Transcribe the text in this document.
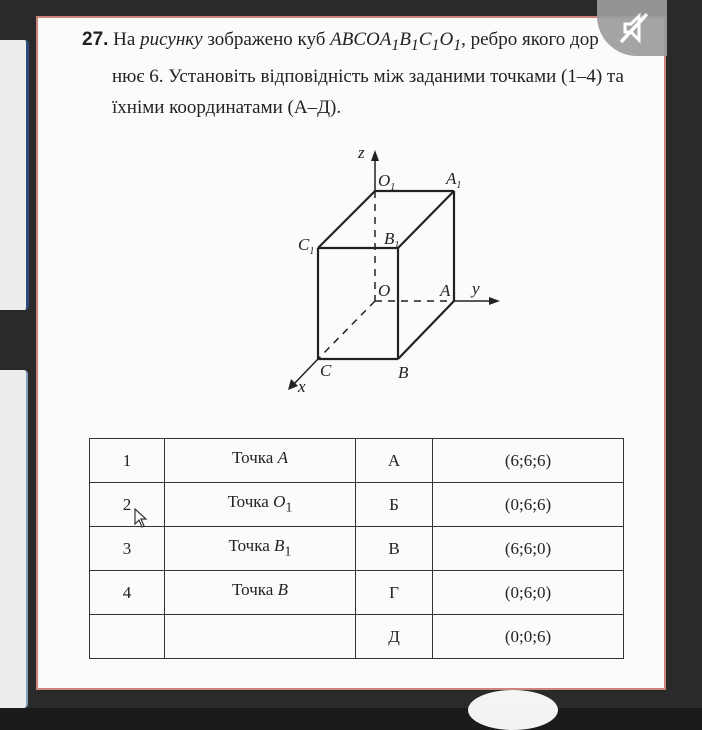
27. На рисунку зображено куб $ABCOA_1B_1C_1O_1$, ребро якого дор
нює 6. Установіть відповідність між заданими точками (1–4) та
їхніми координатами (А–Д).
z
y
x
$O_1$	$A_1$
$C_1$
$B_1$
O	A
B
C
1	Точка A	А	(6;6;6)
2	Точка $O_1$	Б	(0;6;6)
3	Точка $B_1$	В	(6;6;0)
4	Точка B	Г	(0;6;0)
		Д	(0;0;6)
